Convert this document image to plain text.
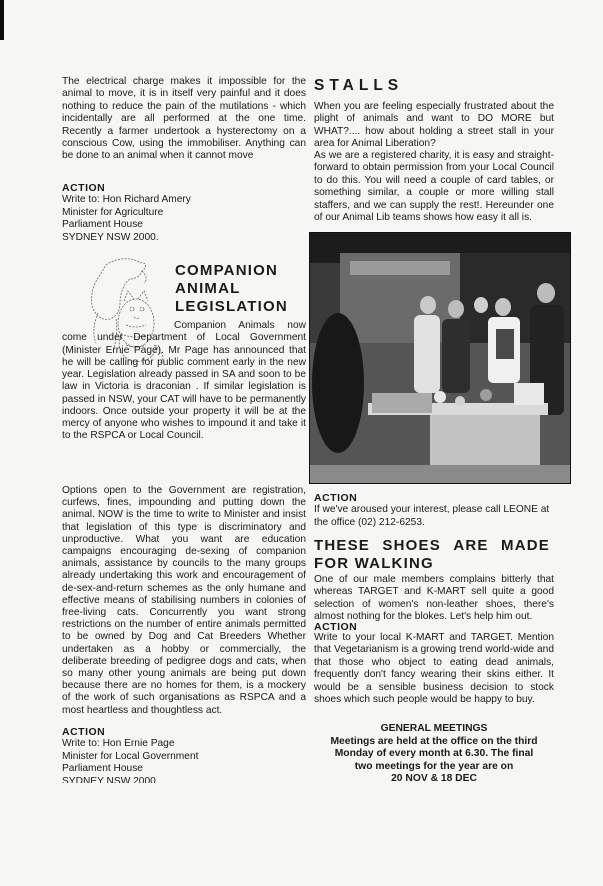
The electrical charge makes it impossible for the animal to move, it is in itself very painful and it does nothing to reduce the pain of the mutilations - which incidentally are all performed at the one time. Recently a farmer undertook a hysterectomy on a conscious Cow, using the immobiliser. Anything can be done to an animal when it cannot move
ACTION
Write to: Hon Richard Amery
Minister for Agriculture
Parliament House
SYDNEY NSW 2000.
COMPANION
ANIMAL
LEGISLATION
Companion Animals now come under Department of Local Government (Minister Ernie Page). Mr Page has announced that he will be calling for public comment early in the new year. Legislation already passed in SA and soon to be law in Victoria is draconian . If similar legislation is passed in NSW, your CAT will have to be permanently indoors. Once outside your property it will be at the mercy of anyone who wishes to impound it and take it to the RSPCA or Local Council.
Options open to the Government are registration, curfews, fines, impounding and putting down the animal. NOW is the time to write to Minister and insist that legislation of this type is discriminatory and unproductive. What you want are education campaigns encouraging de-sexing of companion animals, assistance by councils to the many groups already undertaking this work and encouragement of de-sex-and-return schemes as the only humane and effective means of stabilising numbers in colonies of free-living cats. Concurrently you want strong restrictions on the number of entire animals permitted to be owned by Dog and Cat Breeders Whether undertaken as a hobby or commercially, the deliberate breeding of pedigree dogs and cats, when so many other young animals are being put down because there are no homes for them, is a mockery of the work of such organisations as RSPCA and a most heartless and thoughtless act.
ACTION
Write to: Hon Ernie Page
Minister for Local Government
Parliament House
SYDNEY NSW 2000
STALLS
When you are feeling especially frustrated about the plight of animals and want to DO MORE but WHAT?.... how about holding a street stall in your area for Animal Liberation?
As we are a registered charity, it is easy and straight-forward to obtain permission from your Local Council to do this. You will need a couple of card tables, or something similar, a couple or more willing stall staffers, and we can supply the rest!. Hereunder one of our Animal Lib teams shows how easy it all is.
ACTION
If we've aroused your interest, please call LEONE at the office (02) 212-6253.
THESE SHOES ARE MADE
FOR WALKING
One of our male members complains bitterly that whereas TARGET and K-MART sell quite a good selection of women's non-leather shoes, there's almost nothing for the blokes. Let's help him out.
ACTION
Write to your local K-MART and TARGET. Mention that Vegetarianism is a growing trend world-wide and that those who object to eating dead animals, frequently don't fancy wearing their skins either. It would be a sensible business decision to stock shoes which such people would be happy to buy.
GENERAL MEETINGS
Meetings are held at the office on the third
Monday of every month at 6.30. The final
two meetings for the year are on
20 NOV & 18 DEC
